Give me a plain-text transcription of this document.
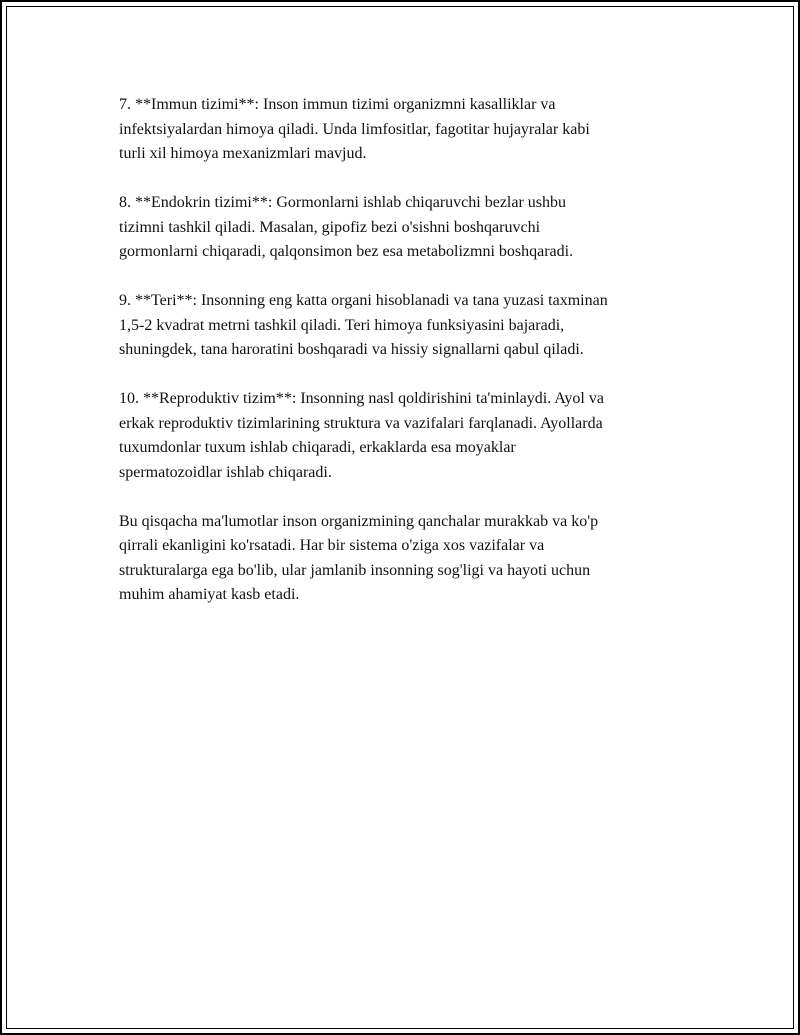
7. **Immun tizimi**: Inson immun tizimi organizmni kasalliklar va
infektsiyalardan himoya qiladi. Unda limfositlar, fagotitar hujayralar kabi
turli xil himoya mexanizmlari mavjud.

8. **Endokrin tizimi**: Gormonlarni ishlab chiqaruvchi bezlar ushbu
tizimni tashkil qiladi. Masalan, gipofiz bezi o'sishni boshqaruvchi
gormonlarni chiqaradi, qalqonsimon bez esa metabolizmni boshqaradi.

9. **Teri**: Insonning eng katta organi hisoblanadi va tana yuzasi taxminan
1,5-2 kvadrat metrni tashkil qiladi. Teri himoya funksiyasini bajaradi,
shuningdek, tana haroratini boshqaradi va hissiy signallarni qabul qiladi.

10. **Reproduktiv tizim**: Insonning nasl qoldirishini ta'minlaydi. Ayol va
erkak reproduktiv tizimlarining struktura va vazifalari farqlanadi. Ayollarda
tuxumdonlar tuxum ishlab chiqaradi, erkaklarda esa moyaklar
spermatozoidlar ishlab chiqaradi.

Bu qisqacha ma'lumotlar inson organizmining qanchalar murakkab va ko'p
qirrali ekanligini ko'rsatadi. Har bir sistema o'ziga xos vazifalar va
strukturalarga ega bo'lib, ular jamlanib insonning sog'ligi va hayoti uchun
muhim ahamiyat kasb etadi.
